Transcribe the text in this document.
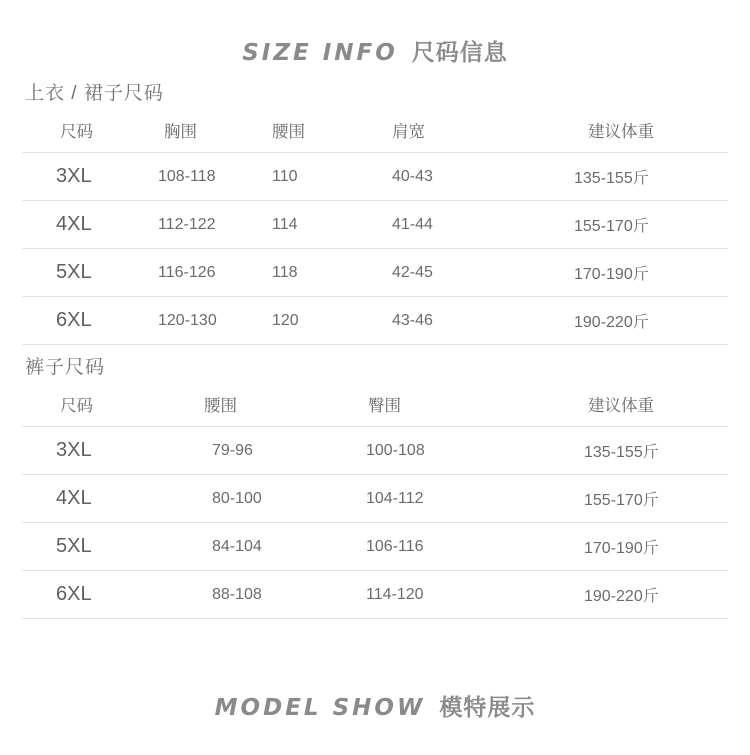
SIZE INFO 尺码信息
上衣 / 裙子尺码
尺码	胸围	腰围	肩宽	建议体重
3XL	108-118	110	40-43	135-155斤
4XL	112-122	114	41-44	155-170斤
5XL	116-126	118	42-45	170-190斤
6XL	120-130	120	43-46	190-220斤
裤子尺码
尺码	腰围	臀围	建议体重
3XL	79-96	100-108	135-155斤
4XL	80-100	104-112	155-170斤
5XL	84-104	106-116	170-190斤
6XL	88-108	114-120	190-220斤
MODEL SHOW 模特展示
